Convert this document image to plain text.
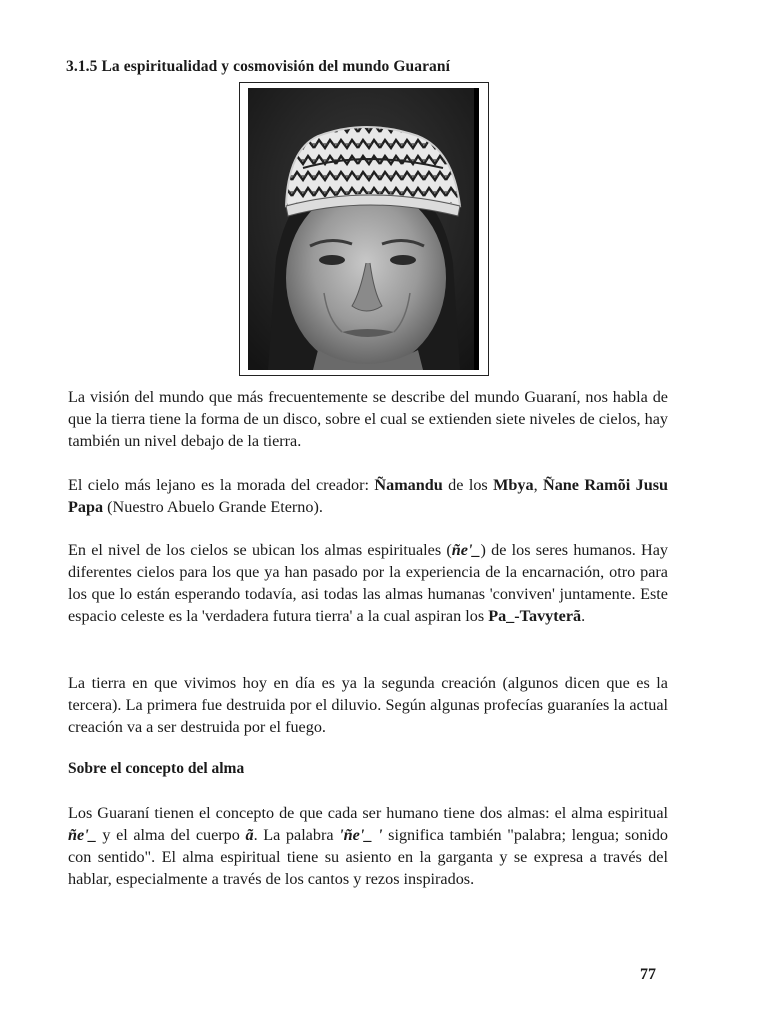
3.1.5 La espiritualidad y cosmovisión del mundo Guaraní

La visión del mundo que más frecuentemente se describe del mundo Guaraní, nos habla de que la tierra tiene la forma de un disco, sobre el cual se extienden siete niveles de cielos, hay también un nivel debajo de la tierra.

El cielo más lejano es la morada del creador: Ñamandu de los Mbya, Ñane Ramõi Jusu Papa (Nuestro Abuelo Grande Eterno).

En el nivel de los cielos se ubican los almas espirituales (ñe'_) de los seres humanos. Hay diferentes cielos para los que ya han pasado por la experiencia de la encarnación, otro para los que lo están esperando todavía, asi todas las almas humanas 'conviven' juntamente. Este espacio celeste es la 'verdadera futura tierra' a la cual aspiran los Pa_-Tavyterã.

La tierra en que vivimos hoy en día es ya la segunda creación (algunos dicen que es la tercera). La primera fue destruida por el diluvio. Según algunas profecías guaraníes la actual creación va a ser destruida por el fuego.

Sobre el concepto del alma

Los Guaraní tienen el concepto de que cada ser humano tiene dos almas: el alma espiritual ñe'_ y el alma del cuerpo ã. La palabra 'ñe'_ ' significa también "palabra; lengua; sonido con sentido". El alma espiritual tiene su asiento en la garganta y se expresa a través del hablar, especialmente a través de los cantos y rezos inspirados.

77
